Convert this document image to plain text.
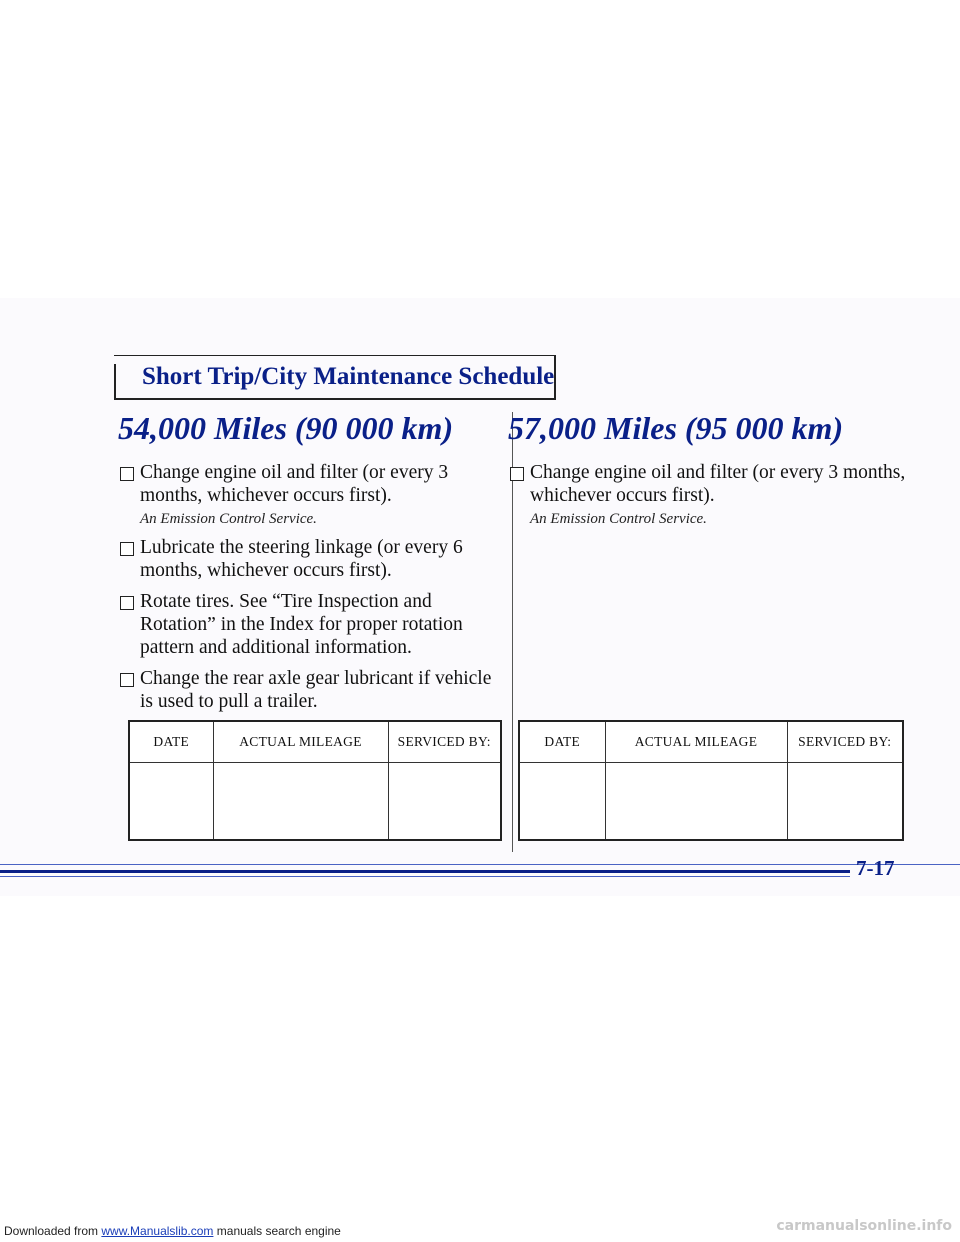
Short Trip/City Maintenance Schedule
54,000 Miles (90 000 km)
Change engine oil and filter (or every 3 months, whichever occurs first).
An Emission Control Service.
Lubricate the steering linkage (or every 6 months, whichever occurs first).
Rotate tires. See “Tire Inspection and Rotation” in the Index for proper rotation pattern and additional information.
Change the rear axle gear lubricant if vehicle is used to pull a trailer.
57,000 Miles (95 000 km)
Change engine oil and filter (or every 3 months, whichever occurs first).
An Emission Control Service.
DATE	ACTUAL MILEAGE	SERVICED BY:
			DATE	ACTUAL MILEAGE	SERVICED BY:

7-17
Downloaded from www.Manualslib.com manuals search engine	carmanualsonline.info
